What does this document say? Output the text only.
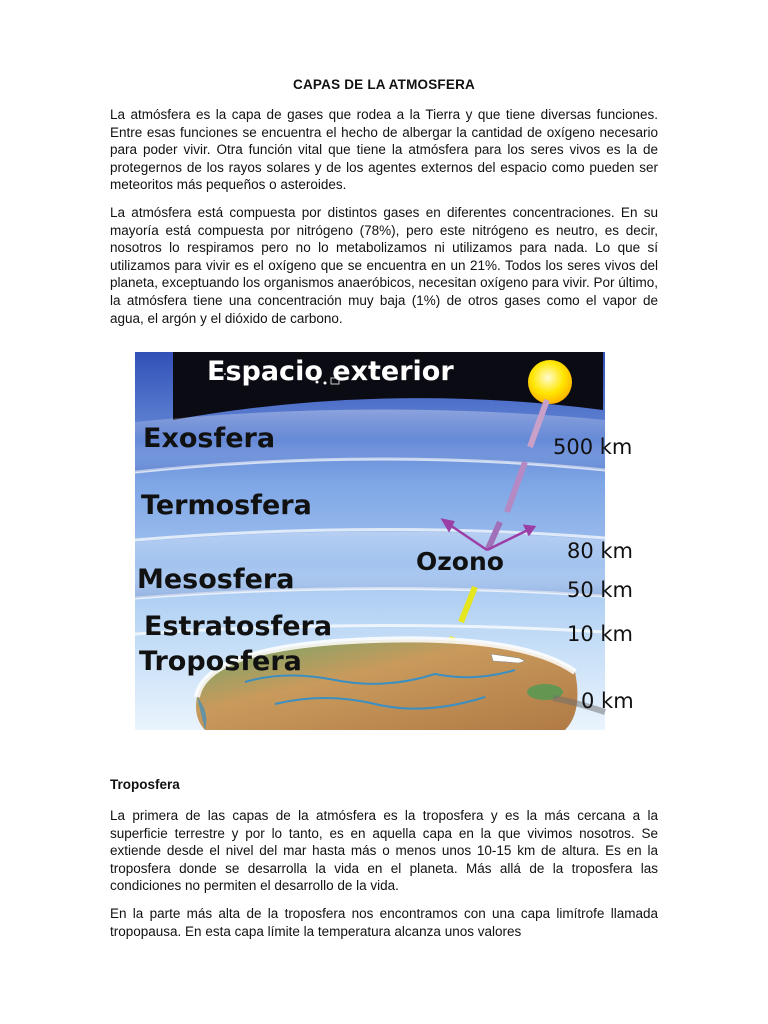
CAPAS DE LA ATMOSFERA

La atmósfera es la capa de gases que rodea a la Tierra y que tiene diversas funciones. Entre esas funciones se encuentra el hecho de albergar la cantidad de oxígeno necesario para poder vivir. Otra función vital que tiene la atmósfera para los seres vivos es la de protegernos de los rayos solares y de los agentes externos del espacio como pueden ser meteoritos más pequeños o asteroides.

La atmósfera está compuesta por distintos gases en diferentes concentraciones. En su mayoría está compuesta por nitrógeno (78%), pero este nitrógeno es neutro, es decir, nosotros lo respiramos pero no lo metabolizamos ni utilizamos para nada. Lo que sí utilizamos para vivir es el oxígeno que se encuentra en un 21%. Todos los seres vivos del planeta, exceptuando los organismos anaeróbicos, necesitan oxígeno para vivir. Por último, la atmósfera tiene una concentración muy baja (1%) de otros gases como el vapor de agua, el argón y el dióxido de carbono.

Espacio exterior
Exosfera
Termosfera
Mesosfera
Estratosfera
Troposfera
Ozono
500 km
80 km
50 km
10 km
0 km
Troposfera

La primera de las capas de la atmósfera es la troposfera y es la más cercana a la superficie terrestre y por lo tanto, es en aquella capa en la que vivimos nosotros. Se extiende desde el nivel del mar hasta más o menos unos 10-15 km de altura. Es en la troposfera donde se desarrolla la vida en el planeta. Más allá de la troposfera las condiciones no permiten el desarrollo de la vida.

En la parte más alta de la troposfera nos encontramos con una capa limítrofe llamada tropopausa. En esta capa límite la temperatura alcanza unos valores
